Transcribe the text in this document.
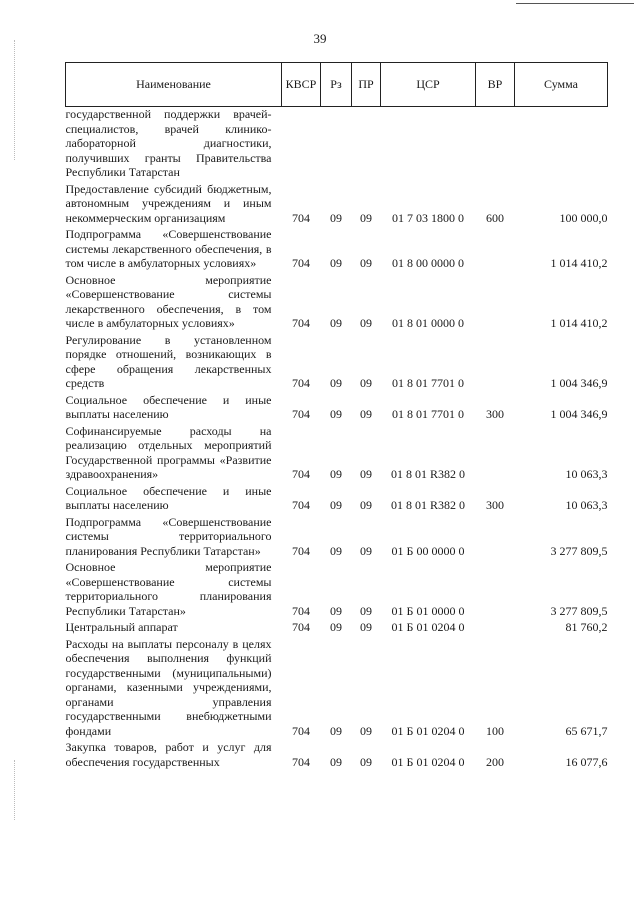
39
Наименование	КВСР	Рз	ПР	ЦСР	ВР	Сумма
государственной поддержки врачей-специалистов, врачей клинико-лабораторной диагностики, получивших гранты Правительства Республики Татарстан						
Предоставление субсидий бюджетным, автономным учреждениям и иным некоммерческим организациям	704	09	09	01 7 03 1800 0	600	100 000,0
Подпрограмма «Совершенствование системы лекарственного обеспечения, в том числе в амбулаторных условиях»	704	09	09	01 8 00 0000 0		1 014 410,2
Основное мероприятие «Совершенствование системы лекарственного обеспечения, в том числе в амбулаторных условиях»	704	09	09	01 8 01 0000 0		1 014 410,2
Регулирование в установленном порядке отношений, возникающих в сфере обращения лекарственных средств	704	09	09	01 8 01 7701 0		1 004 346,9
Социальное обеспечение и иные выплаты населению	704	09	09	01 8 01 7701 0	300	1 004 346,9
Софинансируемые расходы на реализацию отдельных мероприятий Государственной программы «Развитие здравоохранения»	704	09	09	01 8 01 R382 0		10 063,3
Социальное обеспечение и иные выплаты населению	704	09	09	01 8 01 R382 0	300	10 063,3
Подпрограмма «Совершенствование системы территориального планирования Республики Татарстан»	704	09	09	01 Б 00 0000 0		3 277 809,5
Основное мероприятие «Совершенствование системы территориального планирования Республики Татарстан»	704	09	09	01 Б 01 0000 0		3 277 809,5
Центральный аппарат	704	09	09	01 Б 01 0204 0		81 760,2
Расходы на выплаты персоналу в целях обеспечения выполнения функций государственными (муниципальными) органами, казенными учреждениями, органами управления государственными внебюджетными фондами	704	09	09	01 Б 01 0204 0	100	65 671,7
Закупка товаров, работ и услуг для обеспечения государственных	704	09	09	01 Б 01 0204 0	200	16 077,6
